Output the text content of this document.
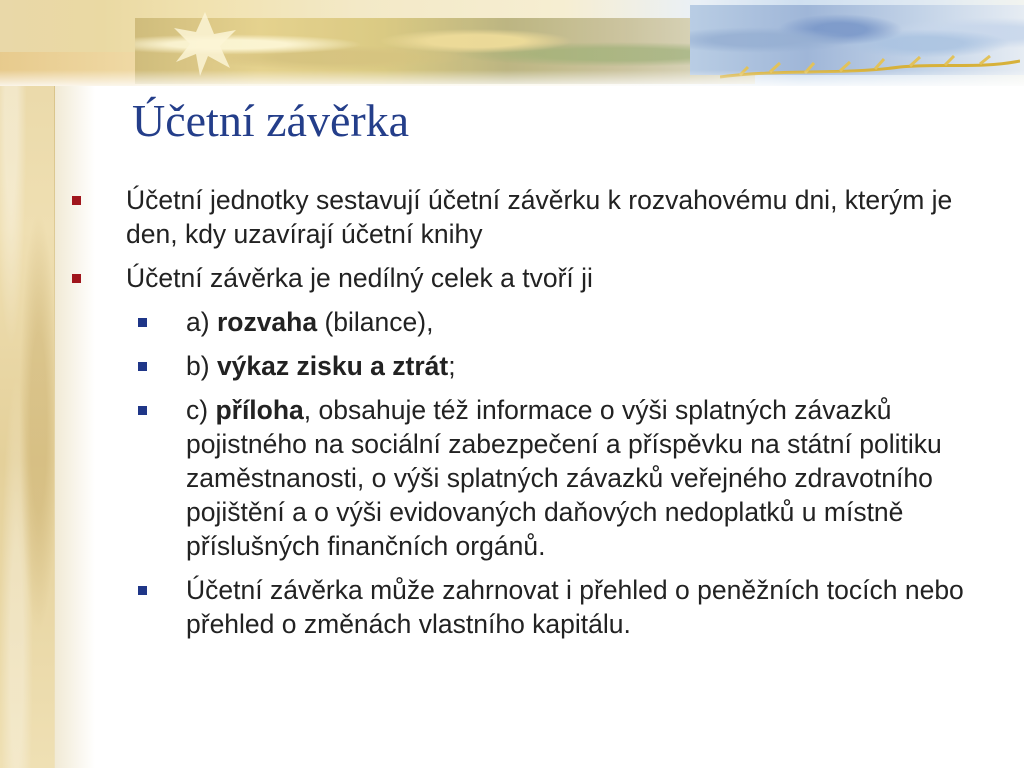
Účetní závěrka
Účetní jednotky sestavují účetní závěrku k rozvahovému dni, kterým je den, kdy uzavírají účetní knihy
Účetní závěrka je nedílný celek a tvoří ji
a) rozvaha (bilance),
b) výkaz zisku a ztrát;
c) příloha, obsahuje též informace o výši splatných závazků pojistného na sociální zabezpečení a příspěvku na státní politiku zaměstnanosti, o výši splatných závazků veřejného zdravotního pojištění a o výši evidovaných daňových nedoplatků u místně příslušných finančních orgánů.
Účetní závěrka může zahrnovat i přehled o peněžních tocích nebo přehled o změnách vlastního kapitálu.
